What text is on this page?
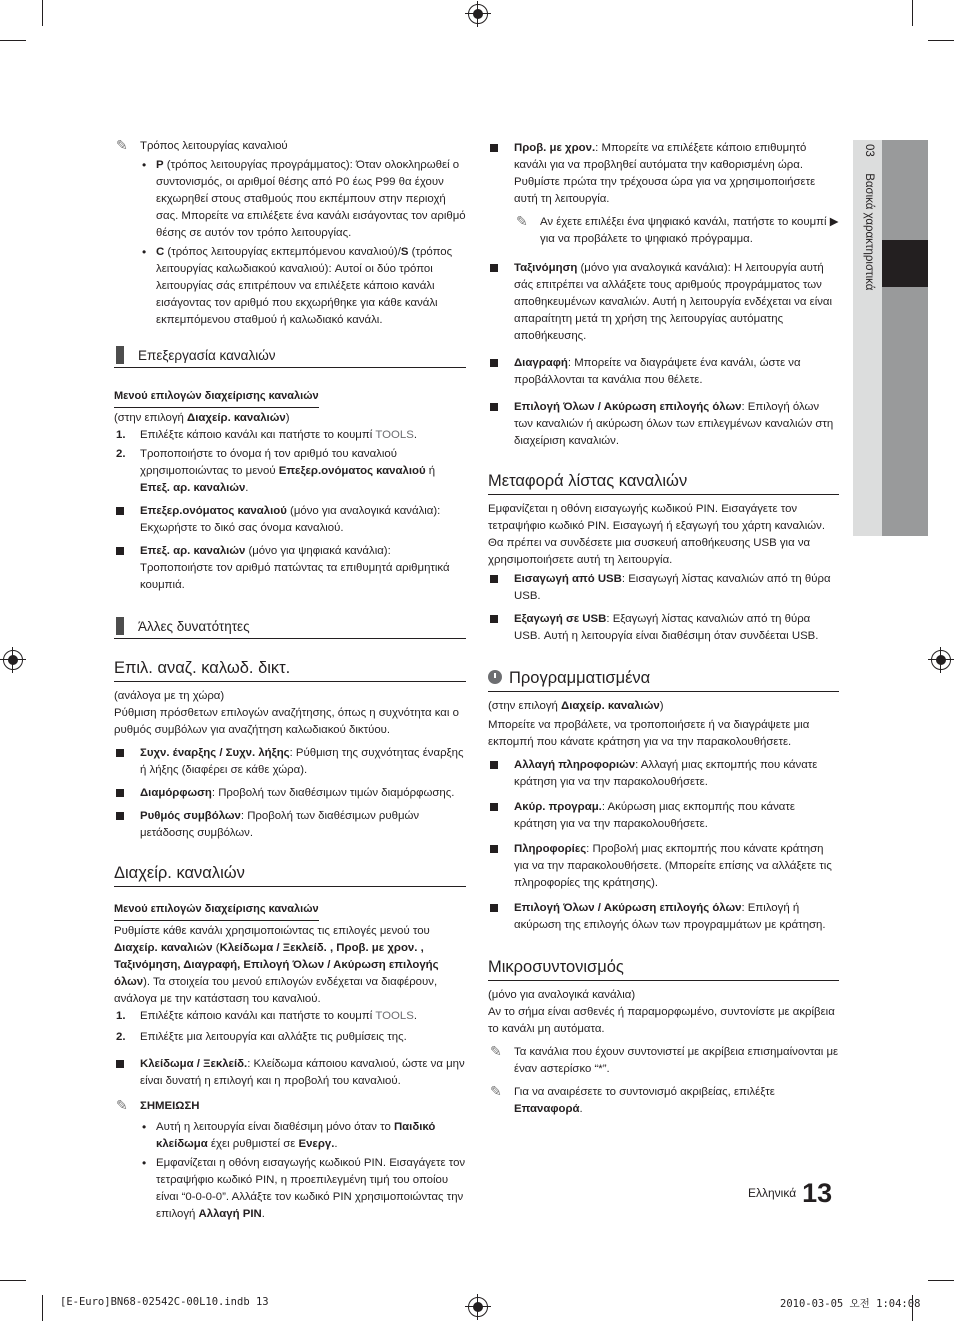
✎ Τρόπος λειτουργίας καναλιού
• P (τρόπος λειτουργίας προγράμματος): Όταν ολοκληρωθεί ο συντονισμός, οι αριθμοί θέσης από P0 έως P99 θα έχουν εκχωρηθεί στους σταθμούς που εκπέμπουν στην περιοχή σας. Μπορείτε να επιλέξετε ένα κανάλι εισάγοντας τον αριθμό θέσης σε αυτόν τον τρόπο λειτουργίας.
• C (τρόπος λειτουργίας εκπεμπόμενου καναλιού)/S (τρόπος λειτουργίας καλωδιακού καναλιού): Αυτοί οι δύο τρόποι λειτουργίας σάς επιτρέπουν να επιλέξετε κάποιο κανάλι εισάγοντας τον αριθμό που εκχωρήθηκε για κάθε κανάλι εκπεμπόμενου σταθμού ή καλωδιακό κανάλι.
Επεξεργασία καναλιών
Μενού επιλογών διαχείρισης καναλιών

(στην επιλογή Διαχείρ. καναλιών)

1. Επιλέξτε κάποιο κανάλι και πατήστε το κουμπί TOOLS.
2. Τροποποιήστε το όνομα ή τον αριθμό του καναλιού χρησιμοποιώντας το μενού Επεξερ.ονόματος καναλιού ή Επεξ. αρ. καναλιών.
Επεξερ.ονόματος καναλιού (μόνο για αναλογικά κανάλια): Εκχωρήστε το δικό σας όνομα καναλιού.
Επεξ. αρ. καναλιών (μόνο για ψηφιακά κανάλια): Τροποποιήστε τον αριθμό πατώντας τα επιθυμητά αριθμητικά κουμπιά.
Άλλες δυνατότητες
Επιλ. αναζ. καλωδ. δικτ.

(ανάλογα με τη χώρα)

Ρύθμιση πρόσθετων επιλογών αναζήτησης, όπως η συχνότητα και ο ρυθμός συμβόλων για αναζήτηση καλωδιακού δικτύου.

Συχν. έναρξης / Συχν. λήξης: Ρύθμιση της συχνότητας έναρξης ή λήξης (διαφέρει σε κάθε χώρα).
Διαμόρφωση: Προβολή των διαθέσιμων τιμών διαμόρφωσης.
Ρυθμός συμβόλων: Προβολή των διαθέσιμων ρυθμών μετάδοσης συμβόλων.
Διαχείρ. καναλιών
Μενού επιλογών διαχείρισης καναλιών

Ρυθμίστε κάθε κανάλι χρησιμοποιώντας τις επιλογές μενού του Διαχείρ. καναλιών (Κλείδωμα / Ξεκλείδ. , Προβ. με χρον. , Ταξινόμηση, Διαγραφή, Επιλογή Όλων / Ακύρωση επιλογής όλων). Τα στοιχεία του μενού επιλογών ενδέχεται να διαφέρουν, ανάλογα με την κατάσταση του καναλιού.

1. Επιλέξτε κάποιο κανάλι και πατήστε το κουμπί TOOLS.
2. Επιλέξτε μια λειτουργία και αλλάξτε τις ρυθμίσεις της.
Κλείδωμα / Ξεκλείδ.: Κλείδωμα κάποιου καναλιού, ώστε να μην είναι δυνατή η επιλογή και η προβολή του καναλιού.
✎ ΣΗΜΕΙΩΣΗ
• Αυτή η λειτουργία είναι διαθέσιμη μόνο όταν το Παιδικό κλείδωμα έχει ρυθμιστεί σε Ενεργ..
• Εμφανίζεται η οθόνη εισαγωγής κωδικού PIN. Εισαγάγετε τον τετραψήφιο κωδικό PIN, η προεπιλεγμένη τιμή του οποίου είναι “0-0-0-0”. Αλλάξτε τον κωδικό PIN χρησιμοποιώντας την επιλογή Αλλαγή PIN.
Προβ. με χρον.: Μπορείτε να επιλέξετε κάποιο επιθυμητό κανάλι για να προβληθεί αυτόματα την καθορισμένη ώρα. Ρυθμίστε πρώτα την τρέχουσα ώρα για να χρησιμοποιήσετε αυτή τη λειτουργία.
✎ Αν έχετε επιλέξει ένα ψηφιακό κανάλι, πατήστε το κουμπί ▶ για να προβάλετε το ψηφιακό πρόγραμμα.
Ταξινόμηση (μόνο για αναλογικά κανάλια): Η λειτουργία αυτή σάς επιτρέπει να αλλάξετε τους αριθμούς προγράμματος των αποθηκευμένων καναλιών. Αυτή η λειτουργία ενδέχεται να είναι απαραίτητη μετά τη χρήση της λειτουργίας αυτόματης αποθήκευσης.
Διαγραφή: Μπορείτε να διαγράψετε ένα κανάλι, ώστε να προβάλλονται τα κανάλια που θέλετε.
Επιλογή Όλων / Ακύρωση επιλογής όλων: Επιλογή όλων των καναλιών ή ακύρωση όλων των επιλεγμένων καναλιών στη διαχείριση καναλιών.
Μεταφορά λίστας καναλιών

Εμφανίζεται η οθόνη εισαγωγής κωδικού PIN. Εισαγάγετε τον τετραψήφιο κωδικό PIN. Εισαγωγή ή εξαγωγή του χάρτη καναλιών. Θα πρέπει να συνδέσετε μια συσκευή αποθήκευσης USB για να χρησιμοποιήσετε αυτή τη λειτουργία.

Εισαγωγή από USB: Εισαγωγή λίστας καναλιών από τη θύρα USB.
Εξαγωγή σε USB: Εξαγωγή λίστας καναλιών από τη θύρα USB. Αυτή η λειτουργία είναι διαθέσιμη όταν συνδέεται USB.
Προγραμματισμένα

(στην επιλογή Διαχείρ. καναλιών)

Μπορείτε να προβάλετε, να τροποποιήσετε ή να διαγράψετε μια εκπομπή που κάνατε κράτηση για να την παρακολουθήσετε.

Αλλαγή πληροφοριών: Αλλαγή μιας εκπομπής που κάνατε κράτηση για να την παρακολουθήσετε.
Ακύρ. προγραμ.: Ακύρωση μιας εκπομπής που κάνατε κράτηση για να την παρακολουθήσετε.
Πληροφορίες: Προβολή μιας εκπομπής που κάνατε κράτηση για να την παρακολουθήσετε. (Μπορείτε επίσης να αλλάξετε τις πληροφορίες της κράτησης).
Επιλογή Όλων / Ακύρωση επιλογής όλων: Επιλογή ή ακύρωση της επιλογής όλων των προγραμμάτων με κράτηση.
Μικροσυντονισμός

(μόνο για αναλογικά κανάλια)

Αν το σήμα είναι ασθενές ή παραμορφωμένο, συντονίστε με ακρίβεια το κανάλι μη αυτόματα.

✎ Τα κανάλια που έχουν συντονιστεί με ακρίβεια επισημαίνονται με έναν αστερίσκο “*”.
✎ Για να αναιρέσετε το συντονισμό ακριβείας, επιλέξτε Επαναφορά.
03  Βασικά χαρακτηριστικά
$^{E\lambda\lambda\eta\nu\iota\kappa ά}$ 13
[E-Euro]BN68-02542C-00L10.indb 13	2010-03-05 오전 1:04:08
